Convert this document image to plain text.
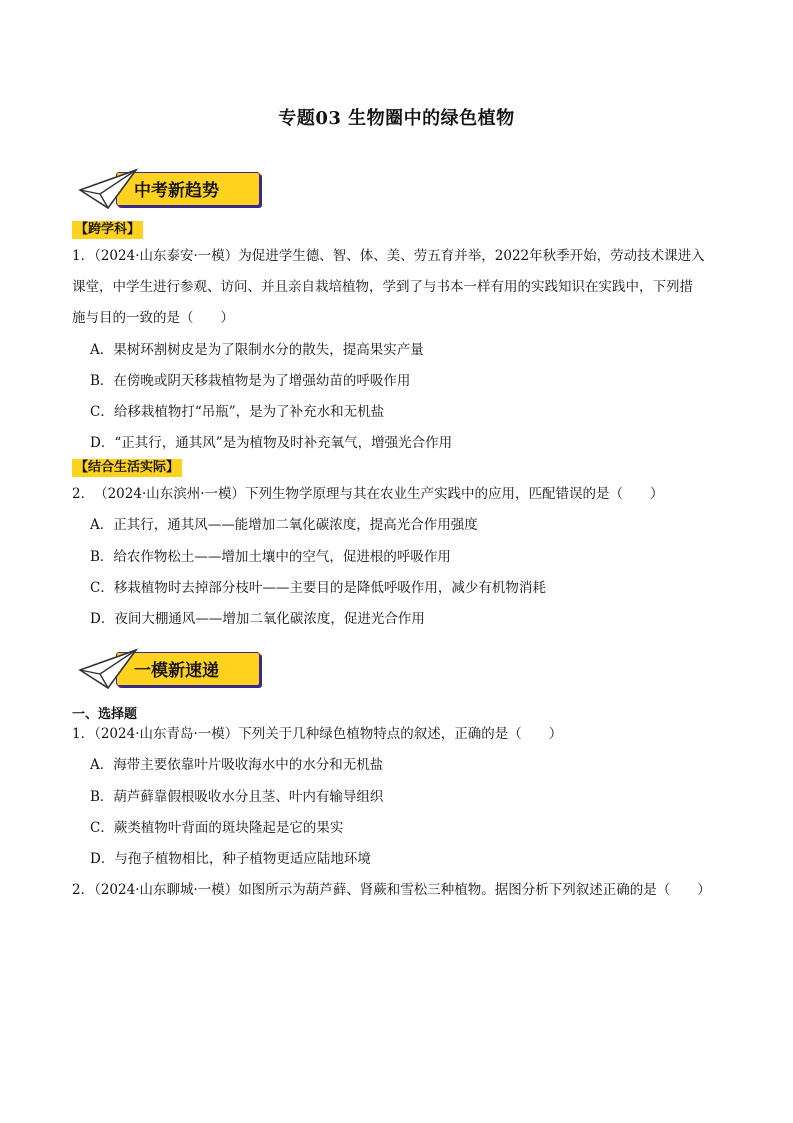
专题03 生物圈中的绿色植物
中考新趋势
【跨学科】
1．（2024·山东泰安·一模）为促进学生德、智、体、美、劳五育并举，2022年秋季开始，劳动技术课进入
课堂，中学生进行参观、访问、并且亲自栽培植物，学到了与书本一样有用的实践知识在实践中，下列措
施与目的一致的是（　　）
A．果树环割树皮是为了限制水分的散失，提高果实产量
B．在傍晚或阴天移栽植物是为了增强幼苗的呼吸作用
C．给移栽植物打“吊瓶”，是为了补充水和无机盐
D．“正其行，通其风”是为植物及时补充氧气，增强光合作用
【结合生活实际】
2．　（2024·山东滨州·一模）下列生物学原理与其在农业生产实践中的应用，匹配错误的是（　　）
A．正其行，通其风——能增加二氧化碳浓度，提高光合作用强度
B．给农作物松土——增加土壤中的空气，促进根的呼吸作用
C．移栽植物时去掉部分枝叶——主要目的是降低呼吸作用，减少有机物消耗
D．夜间大棚通风——增加二氧化碳浓度，促进光合作用
一模新速递
一、选择题
1．（2024·山东青岛·一模）下列关于几种绿色植物特点的叙述，正确的是（　　）
A．海带主要依靠叶片吸收海水中的水分和无机盐
B．葫芦藓靠假根吸收水分且茎、叶内有输导组织
C．蕨类植物叶背面的斑块隆起是它的果实
D．与孢子植物相比，种子植物更适应陆地环境
2．（2024·山东聊城·一模）如图所示为葫芦藓、肾蕨和雪松三种植物。据图分析下列叙述正确的是（　　）
